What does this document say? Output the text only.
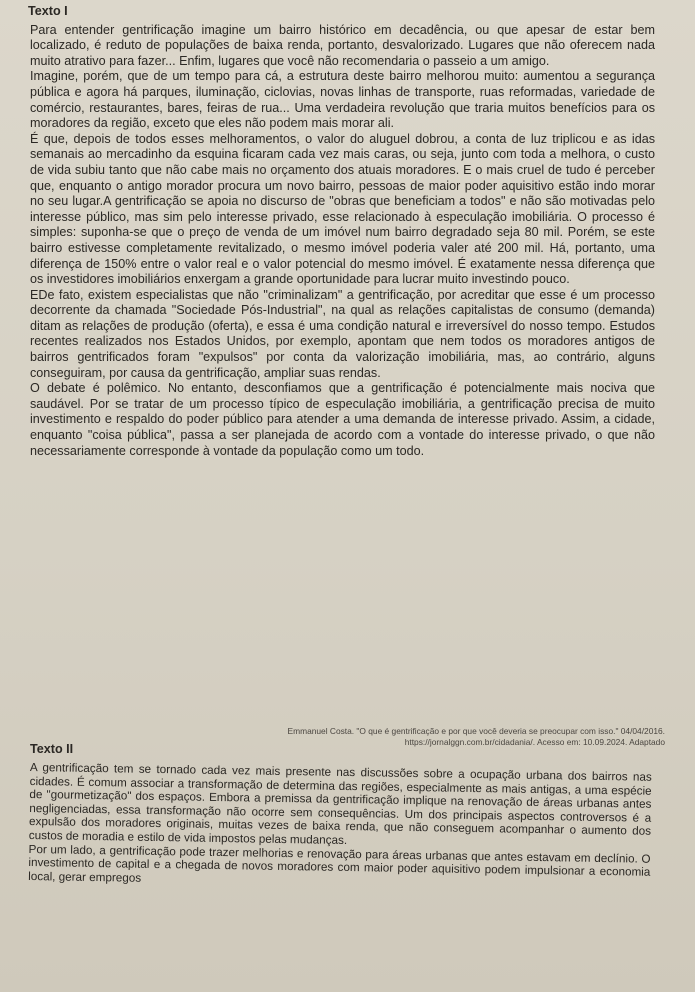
Texto I

Para entender gentrificação imagine um bairro histórico em decadência, ou que apesar de estar bem localizado, é reduto de populações de baixa renda, portanto, desvalorizado. Lugares que não oferecem nada muito atrativo para fazer... Enfim, lugares que você não recomendaria o passeio a um amigo.

Imagine, porém, que de um tempo para cá, a estrutura deste bairro melhorou muito: aumentou a segurança pública e agora há parques, iluminação, ciclovias, novas linhas de transporte, ruas reformadas, variedade de comércio, restaurantes, bares, feiras de rua... Uma verdadeira revolução que traria muitos benefícios para os moradores da região, exceto que eles não podem mais morar ali.

É que, depois de todos esses melhoramentos, o valor do aluguel dobrou, a conta de luz triplicou e as idas semanais ao mercadinho da esquina ficaram cada vez mais caras, ou seja, junto com toda a melhora, o custo de vida subiu tanto que não cabe mais no orçamento dos atuais moradores. E o mais cruel de tudo é perceber que, enquanto o antigo morador procura um novo bairro, pessoas de maior poder aquisitivo estão indo morar no seu lugar.A gentrificação se apoia no discurso de "obras que beneficiam a todos" e não são motivadas pelo interesse público, mas sim pelo interesse privado, esse relacionado à especulação imobiliária. O processo é simples: suponha-se que o preço de venda de um imóvel num bairro degradado seja 80 mil. Porém, se este bairro estivesse completamente revitalizado, o mesmo imóvel poderia valer até 200 mil. Há, portanto, uma diferença de 150% entre o valor real e o valor potencial do mesmo imóvel. É exatamente nessa diferença que os investidores imobiliários enxergam a grande oportunidade para lucrar muito investindo pouco.

EDe fato, existem especialistas que não "criminalizam" a gentrificação, por acreditar que esse é um processo decorrente da chamada "Sociedade Pós-Industrial", na qual as relações capitalistas de consumo (demanda) ditam as relações de produção (oferta), e essa é uma condição natural e irreversível do nosso tempo. Estudos recentes realizados nos Estados Unidos, por exemplo, apontam que nem todos os moradores antigos de bairros gentrificados foram "expulsos" por conta da valorização imobiliária, mas, ao contrário, alguns conseguiram, por causa da gentrificação, ampliar suas rendas.

O debate é polêmico. No entanto, desconfiamos que a gentrificação é potencialmente mais nociva que saudável. Por se tratar de um processo típico de especulação imobiliária, a gentrificação precisa de muito investimento e respaldo do poder público para atender a uma demanda de interesse privado. Assim, a cidade, enquanto "coisa pública", passa a ser planejada de acordo com a vontade do interesse privado, o que não necessariamente corresponde à vontade da população como um todo.

Emmanuel Costa. "O que é gentrificação e por que você deveria se preocupar com isso." 04/04/2016.
https://jornalggn.com.br/cidadania/. Acesso em: 10.09.2024. Adaptado
Texto II

A gentrificação tem se tornado cada vez mais presente nas discussões sobre a ocupação urbana dos bairros nas cidades. É comum associar a transformação de determina das regiões, especialmente as mais antigas, a uma espécie de "gourmetização" dos espaços. Embora a premissa da gentrificação implique na renovação de áreas urbanas antes negligenciadas, essa transformação não ocorre sem consequências. Um dos principais aspectos controversos é a expulsão dos moradores originais, muitas vezes de baixa renda, que não conseguem acompanhar o aumento dos custos de moradia e estilo de vida impostos pelas mudanças.

Por um lado, a gentrificação pode trazer melhorias e renovação para áreas urbanas que antes estavam em declínio. O investimento de capital e a chegada de novos moradores com maior poder aquisitivo podem impulsionar a economia local, gerar empregos
